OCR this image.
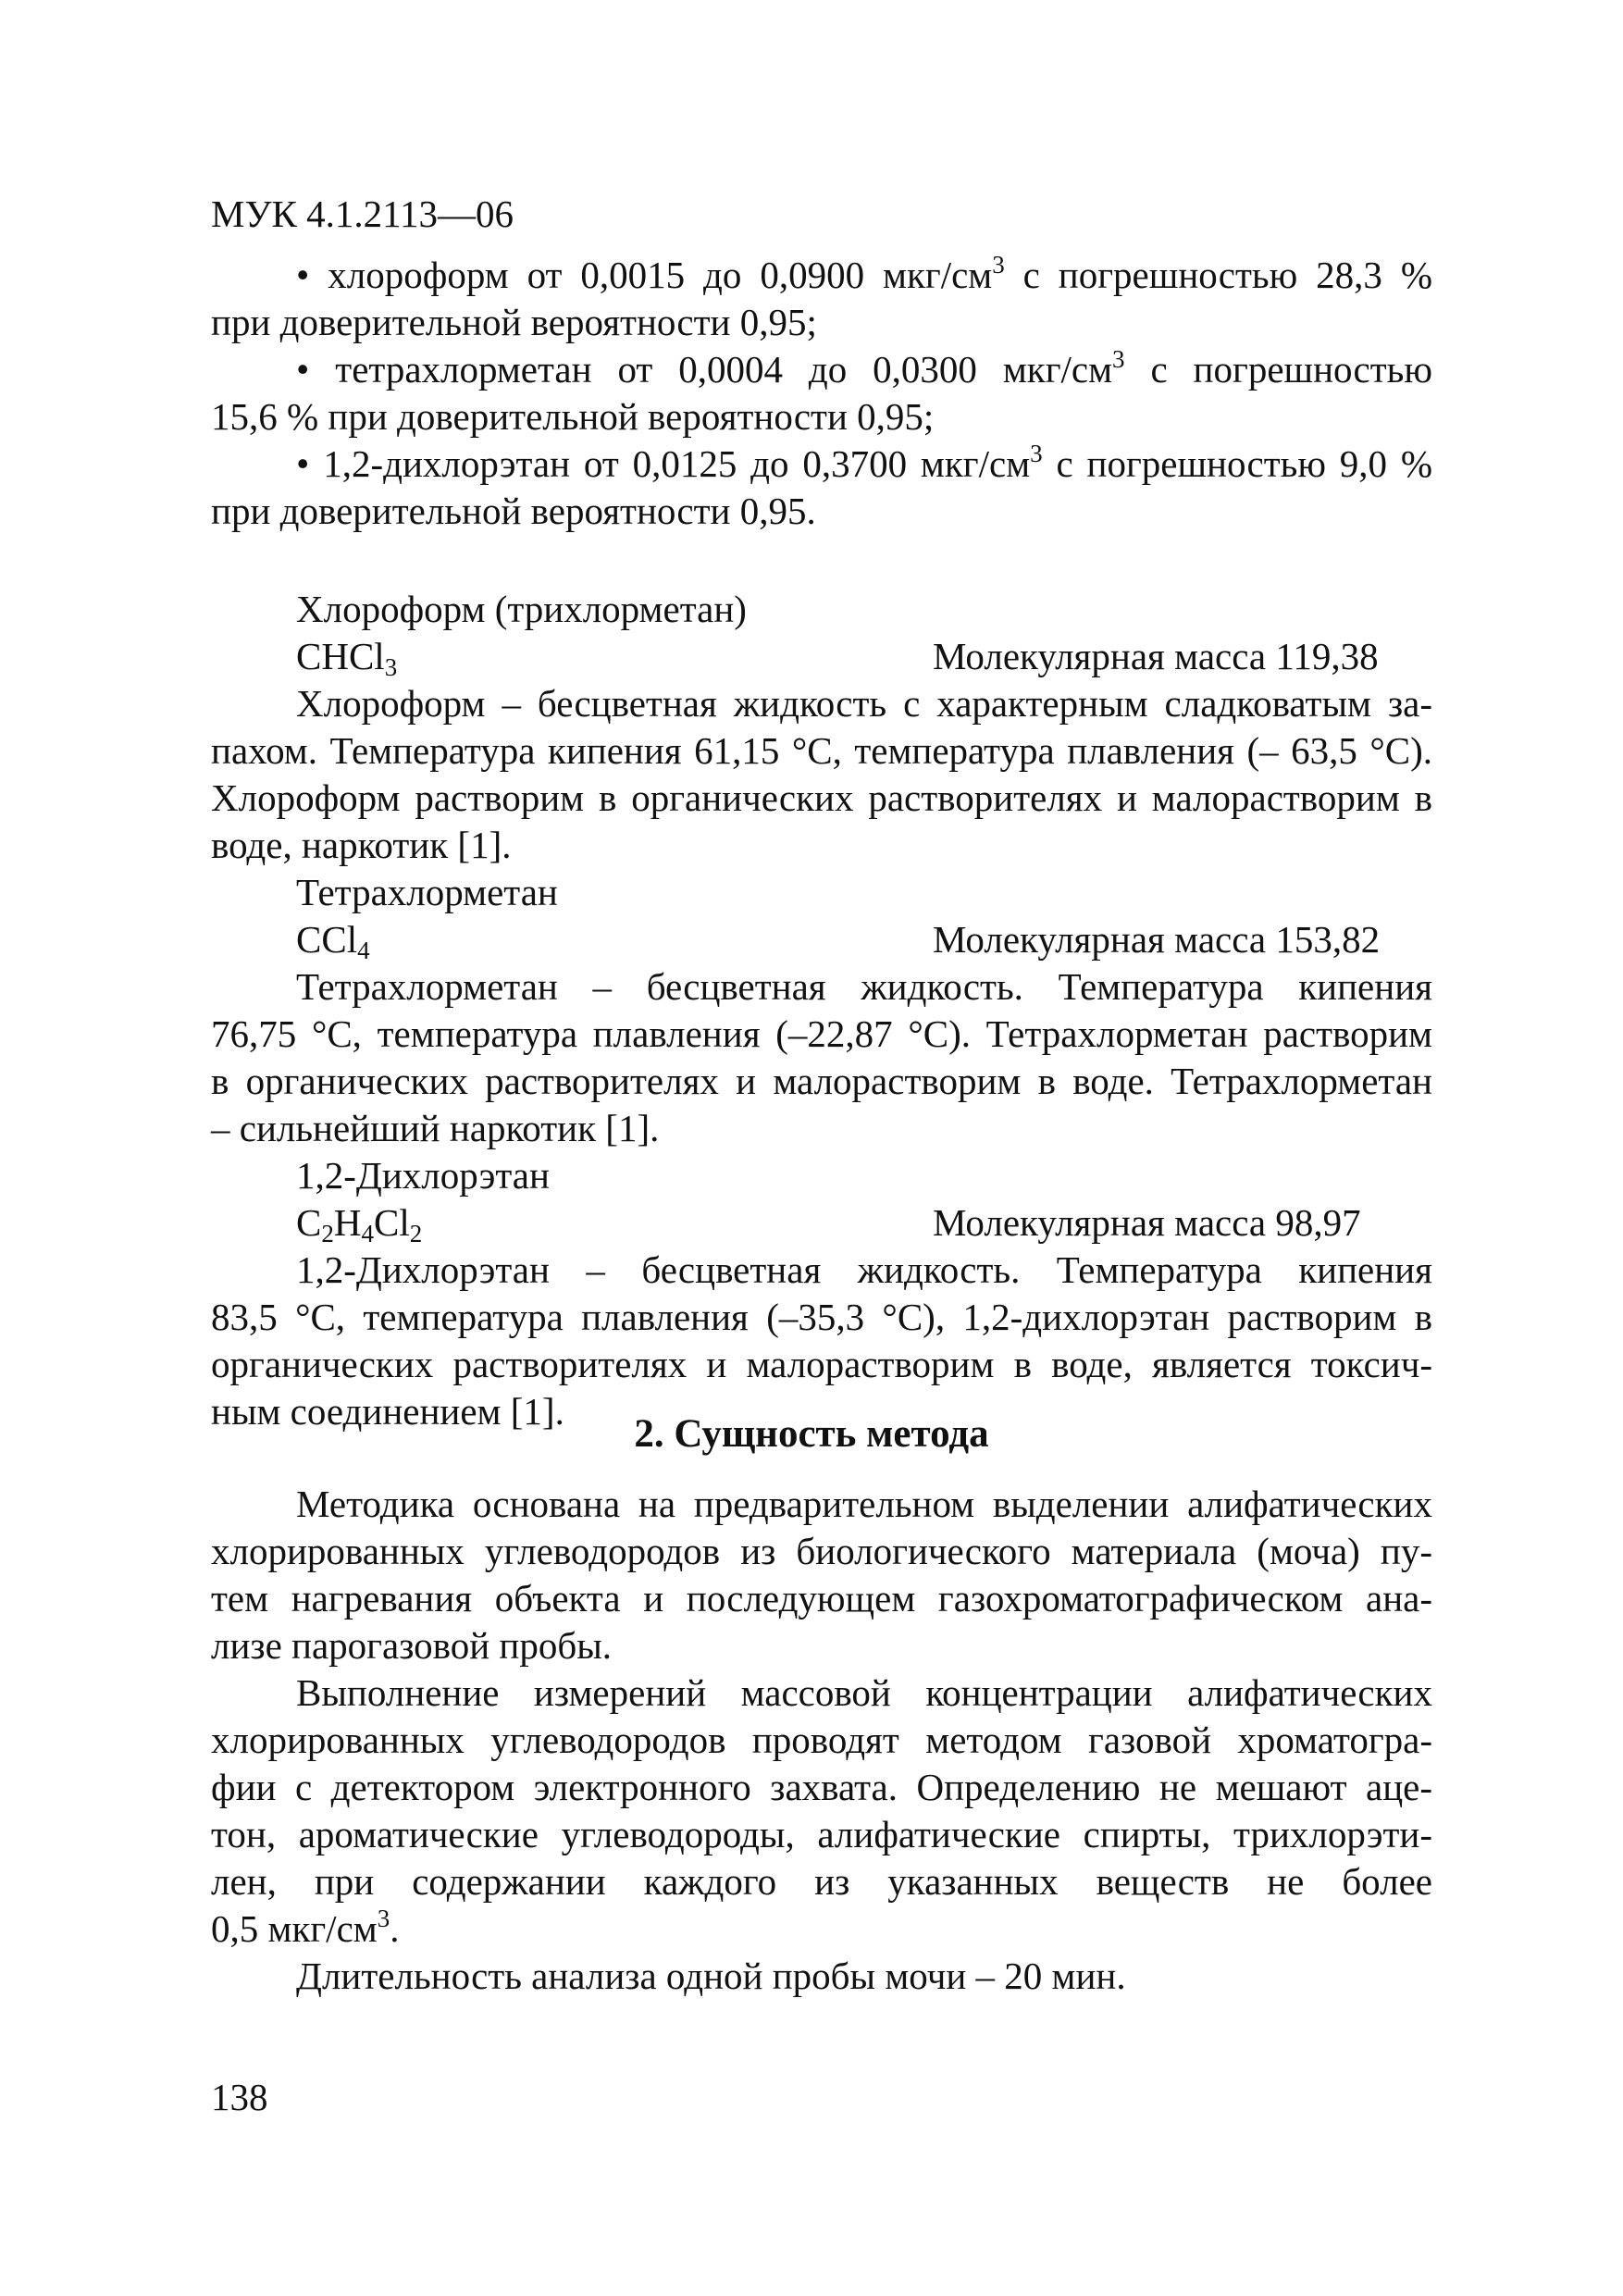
МУК 4.1.2113—06
• хлороформ от 0,0015 до 0,0900 мкг/$см^3$ с погрешностью 28,3 %
при доверительной вероятности 0,95;
• тетрахлорметан от 0,0004 до 0,0300 мкг/$см^3$ с погрешностью
15,6 % при доверительной вероятности 0,95;
• 1,2-дихлорэтан от 0,0125 до 0,3700 мкг/$см^3$ с погрешностью 9,0 %
при доверительной вероятности 0,95.
Хлороформ (трихлорметан)
CHCl$_3$	Молекулярная масса 119,38
Хлороформ – бесцветная жидкость с характерным сладковатым за-
пахом. Температура кипения 61,15 °С, температура плавления (– 63,5 °С).
Хлороформ растворим в органических растворителях и малорастворим в
воде, наркотик [1].
Тетрахлорметан
CCl$_4$	Молекулярная масса 153,82
Тетрахлорметан – бесцветная жидкость. Температура кипения
76,75 °С, температура плавления (–22,87 °С). Тетрахлорметан растворим
в органических растворителях и малорастворим в воде. Тетрахлорметан
– сильнейший наркотик [1].
1,2-Дихлорэтан
$C_2H_4Cl_2$	Молекулярная масса 98,97
1,2-Дихлорэтан – бесцветная жидкость. Температура кипения
83,5 °С, температура плавления (–35,3 °С), 1,2-дихлорэтан растворим в
органических растворителях и малорастворим в воде, является токсич-
ным соединением [1].
2. Сущность метода
Методика основана на предварительном выделении алифатических
хлорированных углеводородов из биологического материала (моча) пу-
тем нагревания объекта и последующем газохроматографическом ана-
лизе парогазовой пробы.
Выполнение измерений массовой концентрации алифатических
хлорированных углеводородов проводят методом газовой хроматогра-
фии с детектором электронного захвата. Определению не мешают аце-
тон, ароматические углеводороды, алифатические спирты, трихлорэти-
лен, при содержании каждого из указанных веществ не более
0,5 мкг/$см^3$.
Длительность анализа одной пробы мочи – 20 мин.
138
